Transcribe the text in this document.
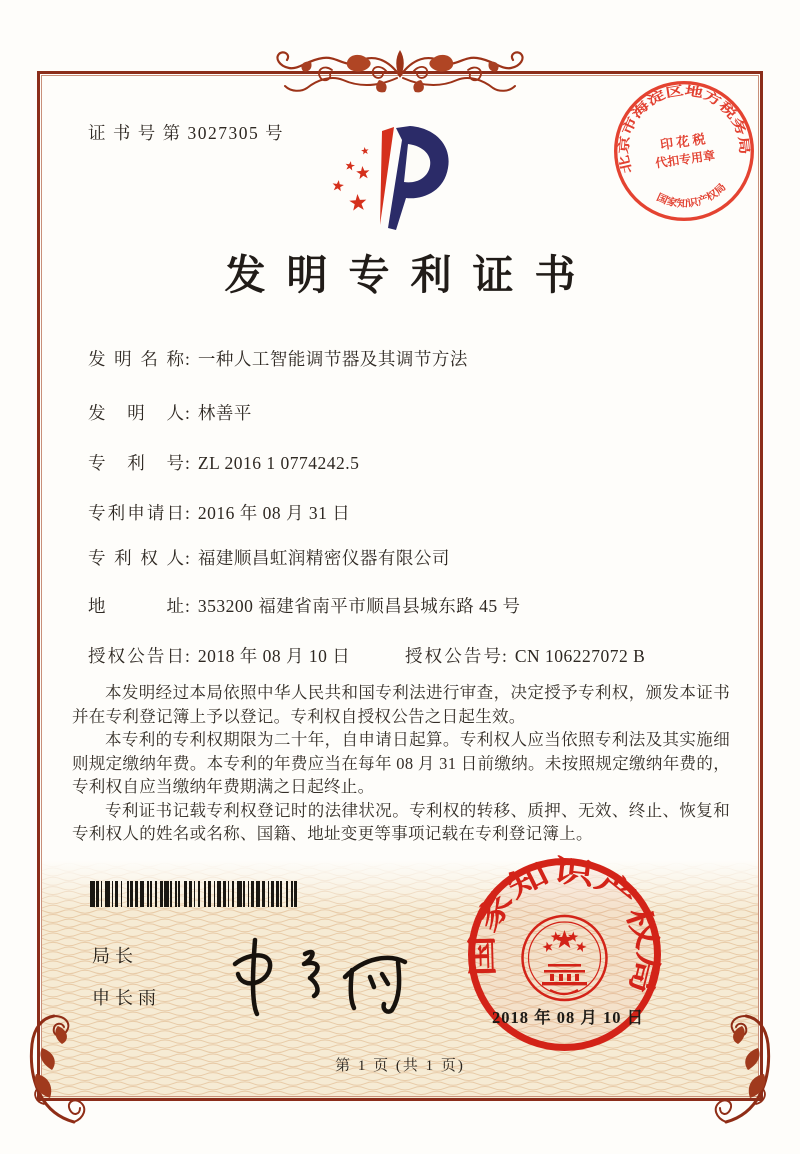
证 书 号 第 3027305 号
发明专利证书
发明名称: 一种人工智能调节器及其调节方法
发明人: 林善平
专利号: ZL 2016 1 0774242.5
专利申请日: 2016 年 08 月 31 日
专利权人: 福建顺昌虹润精密仪器有限公司
地址: 353200 福建省南平市顺昌县城东路 45 号
授权公告日: 2018 年 08 月 10 日	授权公告号: CN 106227072 B

本发明经过本局依照中华人民共和国专利法进行审查，决定授予专利权，颁发本证书并在专利登记簿上予以登记。专利权自授权公告之日起生效。

本专利的专利权期限为二十年，自申请日起算。专利权人应当依照专利法及其实施细则规定缴纳年费。本专利的年费应当在每年 08 月 31 日前缴纳。未按照规定缴纳年费的，专利权自应当缴纳年费期满之日起终止。

专利证书记载专利权登记时的法律状况。专利权的转移、质押、无效、终止、恢复和专利权人的姓名或名称、国籍、地址变更等事项记载在专利登记簿上。

局长
申长雨
国家知识产权局
2018 年 08 月 10 日
北京市海淀区地方税务局
国家知识产权局
印 花 税
代扣专用章
第 1 页 (共 1 页)
